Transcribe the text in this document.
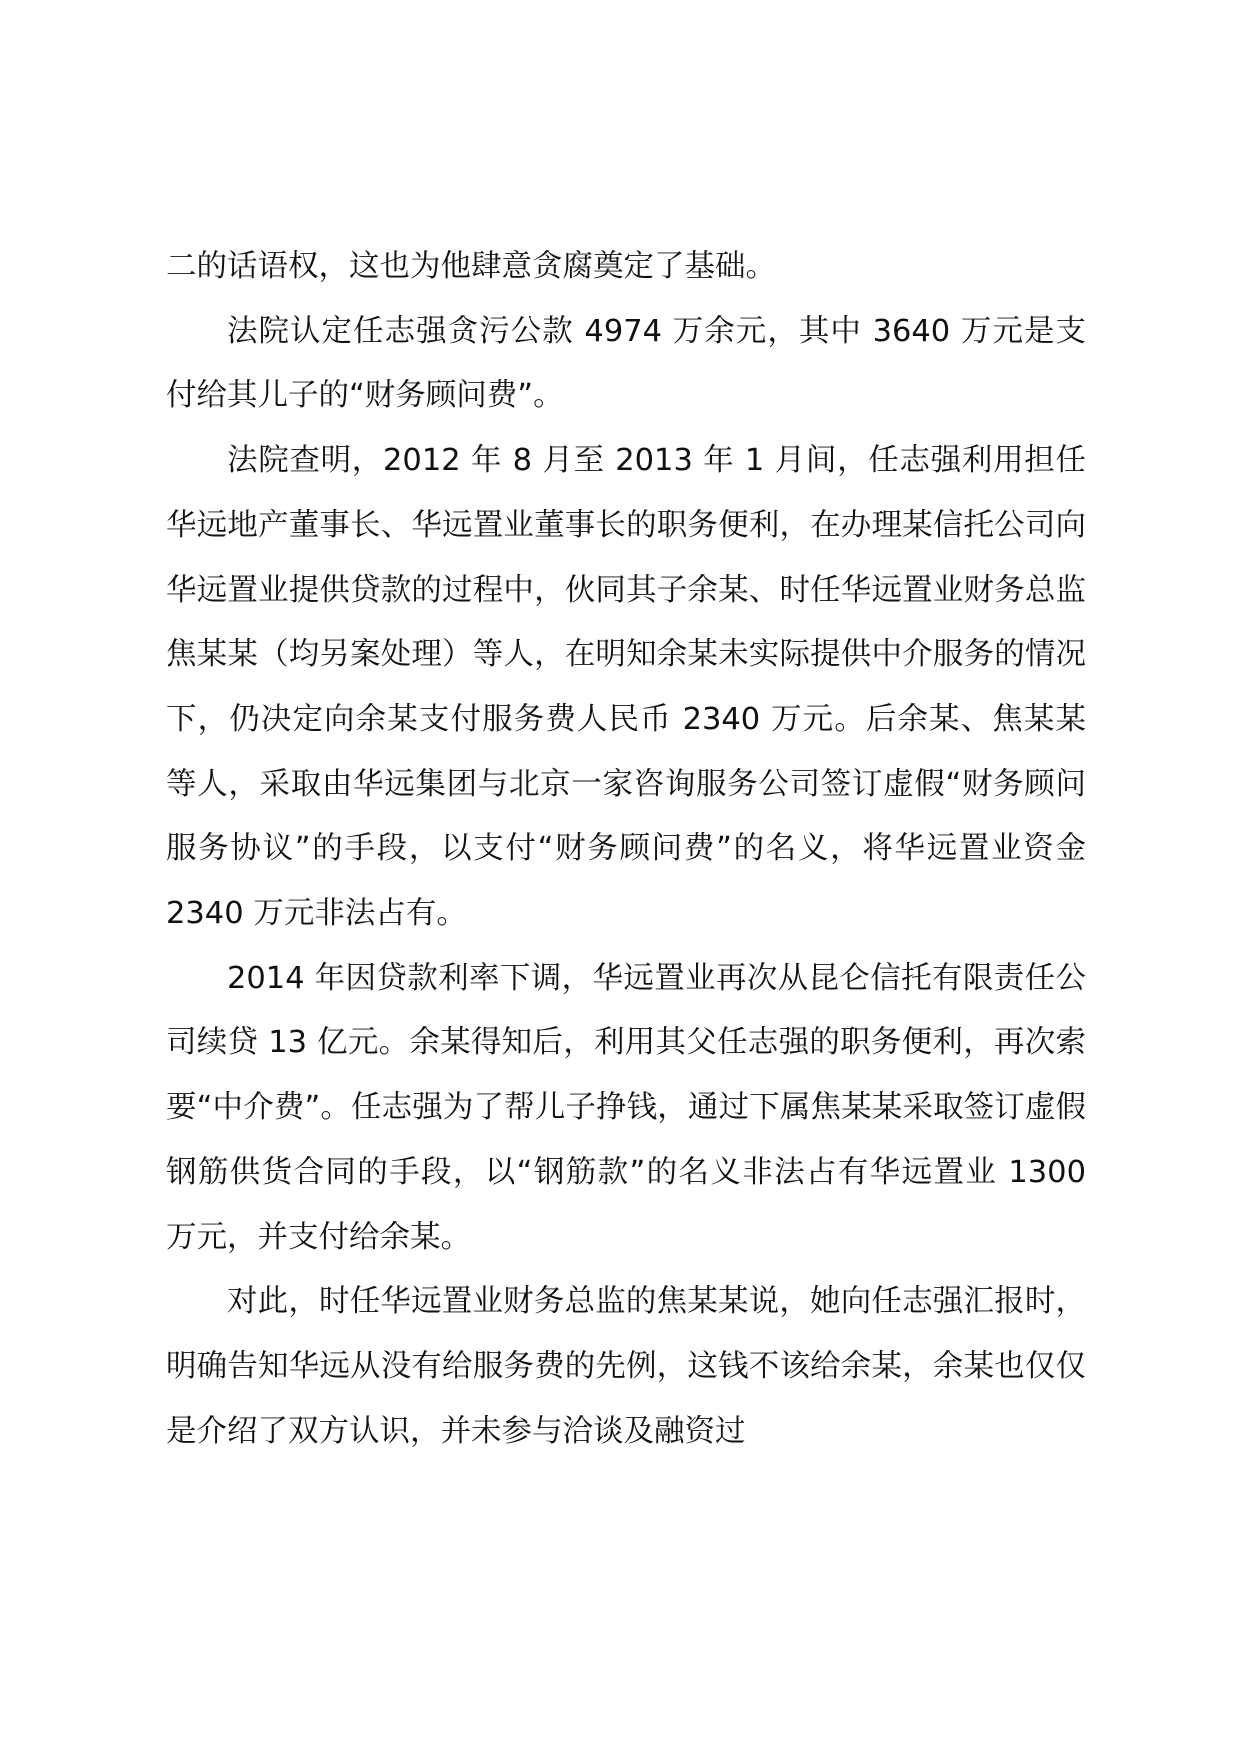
二的话语权，这也为他肆意贪腐奠定了基础。

法院认定任志强贪污公款 4974 万余元，其中 3640 万元是支付给其儿子的“财务顾问费”。

法院查明，2012 年 8 月至 2013 年 1 月间，任志强利用担任华远地产董事长、华远置业董事长的职务便利，在办理某信托公司向华远置业提供贷款的过程中，伙同其子余某、时任华远置业财务总监焦某某（均另案处理）等人，在明知余某未实际提供中介服务的情况下，仍决定向余某支付服务费人民币 2340 万元。后余某、焦某某等人，采取由华远集团与北京一家咨询服务公司签订虚假“财务顾问服务协议”的手段，以支付“财务顾问费”的名义，将华远置业资金 2340 万元非法占有。

2014 年因贷款利率下调，华远置业再次从昆仑信托有限责任公司续贷 13 亿元。余某得知后，利用其父任志强的职务便利，再次索要“中介费”。任志强为了帮儿子挣钱，通过下属焦某某采取签订虚假钢筋供货合同的手段，以“钢筋款”的名义非法占有华远置业 1300 万元，并支付给余某。

对此，时任华远置业财务总监的焦某某说，她向任志强汇报时，明确告知华远从没有给服务费的先例，这钱不该给余某，余某也仅仅是介绍了双方认识，并未参与洽谈及融资过
